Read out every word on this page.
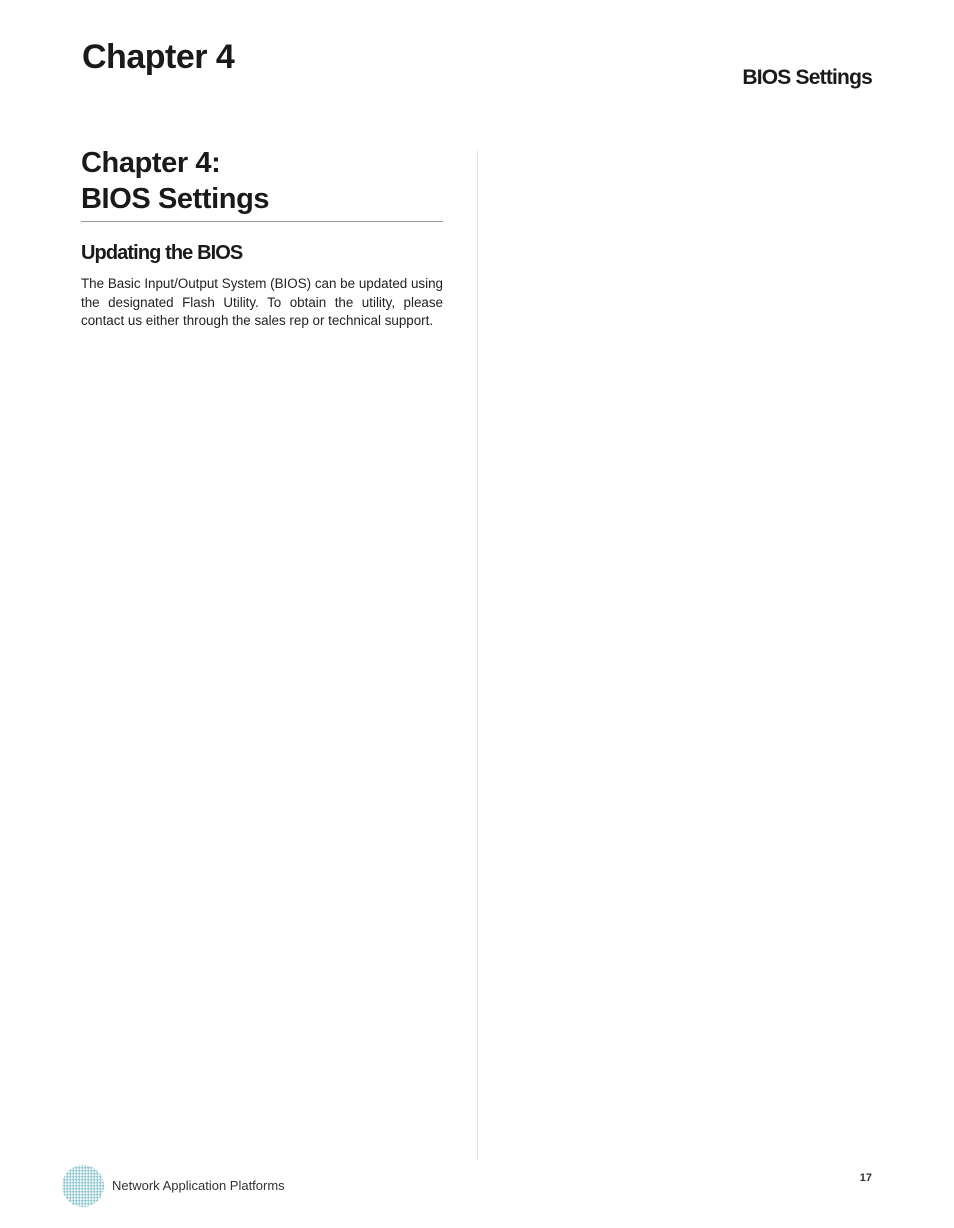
Chapter 4
BIOS Settings
Chapter 4:
BIOS Settings
Updating the BIOS

The Basic Input/Output System (BIOS) can be updated using the designated Flash Utility. To obtain the utility, please contact us either through the sales rep or technical support.

Network Application Platforms	17
